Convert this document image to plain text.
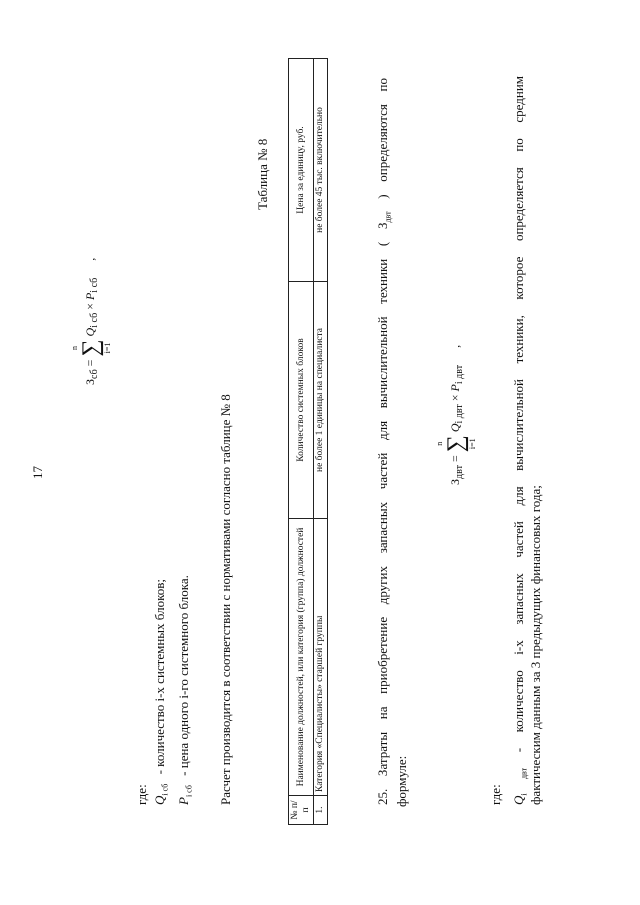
17
$З_{сб}$ =
n ∑ i=1
$Q_{i сб} \times P_{i сб}$ ,
где: $Q_{i сб}$ - количество i-х системных блоков;
$P_{i сб}$ - цена одного i-го системного блока. Расчет производится в соответствии с нормативами согласно таблице № 8
Таблица № 8
№ п/п	Наименование должностей, или категория (группа) должностей	Количество системных блоков	Цена за единицу, руб.
1.	Категория «Специалисты» старшей группы	не более 1 единицы на специалиста	не более 45 тыс. включительно
25. Затраты на приобретение других запасных частей для вычислительной техники ( $З_{двт}$ ) определяются по
формуле:
$З_{двт}$ =
n ∑ i=1
$Q_{i двт} \times P_{i двт}$ ,
где: $Q_{i двт}$ - количество i-х запасных частей для вычислительной техники, которое определяется по средним фактическим данным за 3 предыдущих финансовых года;
